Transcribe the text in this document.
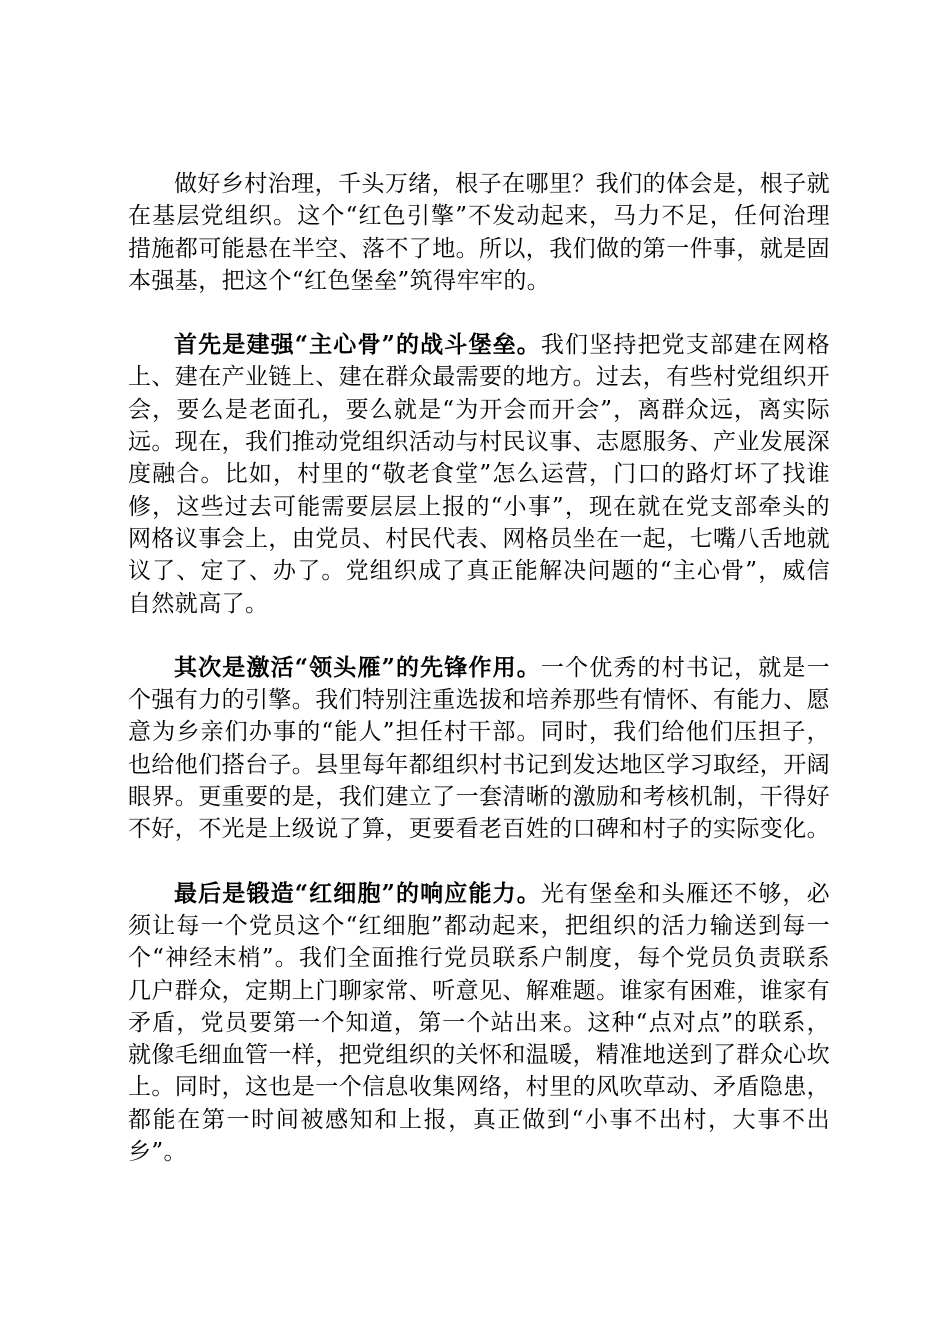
做好乡村治理，千头万绪，根子在哪里？我们的体会是，根子就在基层党组织。这个“红色引擎”不发动起来，马力不足，任何治理措施都可能悬在半空、落不了地。所以，我们做的第一件事，就是固本强基，把这个“红色堡垒”筑得牢牢的。

首先是建强“主心骨”的战斗堡垒。我们坚持把党支部建在网格上、建在产业链上、建在群众最需要的地方。过去，有些村党组织开会，要么是老面孔，要么就是“为开会而开会”，离群众远，离实际远。现在，我们推动党组织活动与村民议事、志愿服务、产业发展深度融合。比如，村里的“敬老食堂”怎么运营，门口的路灯坏了找谁修，这些过去可能需要层层上报的“小事”，现在就在党支部牵头的网格议事会上，由党员、村民代表、网格员坐在一起，七嘴八舌地就议了、定了、办了。党组织成了真正能解决问题的“主心骨”，威信自然就高了。

其次是激活“领头雁”的先锋作用。一个优秀的村书记，就是一个强有力的引擎。我们特别注重选拔和培养那些有情怀、有能力、愿意为乡亲们办事的“能人”担任村干部。同时，我们给他们压担子，也给他们搭台子。县里每年都组织村书记到发达地区学习取经，开阔眼界。更重要的是，我们建立了一套清晰的激励和考核机制，干得好不好，不光是上级说了算，更要看老百姓的口碑和村子的实际变化。

最后是锻造“红细胞”的响应能力。光有堡垒和头雁还不够，必须让每一个党员这个“红细胞”都动起来，把组织的活力输送到每一个“神经末梢”。我们全面推行党员联系户制度，每个党员负责联系几户群众，定期上门聊家常、听意见、解难题。谁家有困难，谁家有矛盾，党员要第一个知道，第一个站出来。这种“点对点”的联系，就像毛细血管一样，把党组织的关怀和温暖，精准地送到了群众心坎上。同时，这也是一个信息收集网络，村里的风吹草动、矛盾隐患，都能在第一时间被感知和上报，真正做到“小事不出村，大事不出乡”。
